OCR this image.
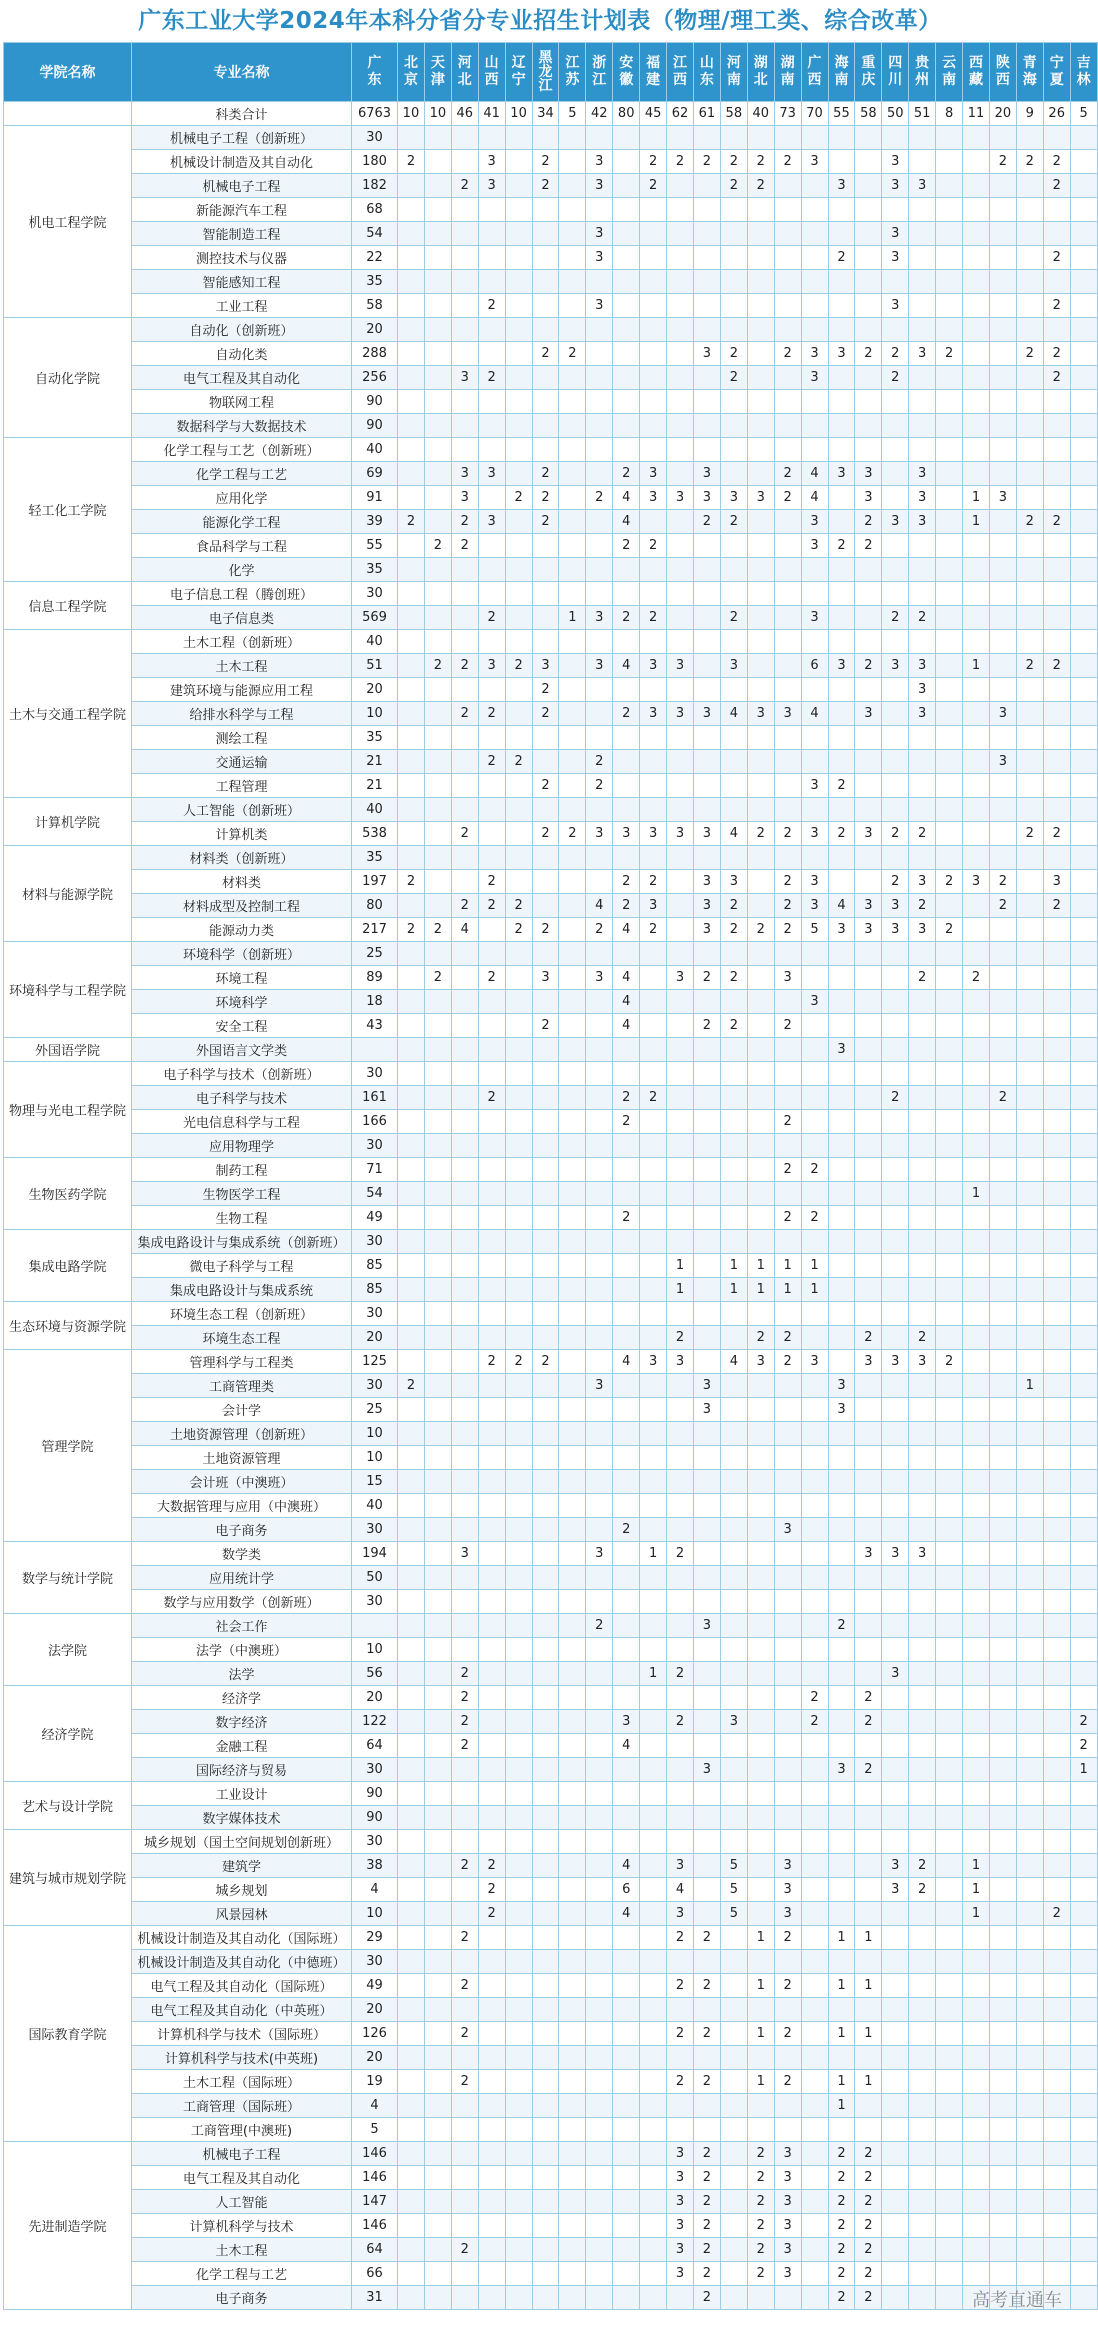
广东工业大学2024年本科分省分专业招生计划表（物理/理工类、综合改革）
学院名称	专业名称	广东	北京	天津	河北	山西	辽宁	黑龙江	江苏	浙江	安徽	福建	江西	山东	河南	湖北	湖南	广西	海南	重庆	四川	贵州	云南	西藏	陕西	青海	宁夏	吉林
	科类合计	6763	10	10	46	41	10	34	5	42	80	45	62	61	58	40	73	70	55	58	50	51	8	11	20	9	26	5
机电工程学院	机械电子工程（创新班）	30																										
	机械设计制造及其自动化	180	2			3		2		3		2	2	2	2	2	2	3			3				2	2	2	
	机械电子工程	182			2	3		2		3		2			2	2			3		3	3					2	
	新能源汽车工程	68																										
	智能制造工程	54								3											3							
	测控技术与仪器	22								3									2		3						2	
	智能感知工程	35																										
	工业工程	58				2				3											3						2	
自动化学院	自动化（创新班）	20																										
	自动化类	288						2	2					3	2		2	3	3	2	2	3	2			2	2	
	电气工程及其自动化	256			3	2									2			3			2						2	
	物联网工程	90																										
	数据科学与大数据技术	90																										
轻工化工学院	化学工程与工艺（创新班）	40																										
	化学工程与工艺	69			3	3		2			2	3		3			2	4	3	3		3						
	应用化学	91			3		2	2		2	4	3	3	3	3	3	2	4		3		3		1	3			
	能源化学工程	39	2		2	3		2			4			2	2			3		2	3	3		1		2	2	
	食品科学与工程	55		2	2						2	2						3	2	2								
	化学	35																										
信息工程学院	电子信息工程（腾创班）	30																										
	电子信息类	569				2			1	3	2	2			2			3			2	2						
土木与交通工程学院	土木工程（创新班）	40																										
	土木工程	51		2	2	3	2	3		3	4	3	3		3			6	3	2	3	3		1		2	2	
	建筑环境与能源应用工程	20						2														3						
	给排水科学与工程	10			2	2		2			2	3	3	3	4	3	3	4		3		3			3			
	测绘工程	35																										
	交通运输	21				2	2			2															3			
	工程管理	21						2		2								3	2									
计算机学院	人工智能（创新班）	40																										
	计算机类	538			2			2	2	3	3	3	3	3	4	2	2	3	2	3	2	2				2	2	
材料与能源学院	材料类（创新班）	35																										
	材料类	197	2			2					2	2		3	3		2	3			2	3	2	3	2		3	
	材料成型及控制工程	80			2	2	2			4	2	3		3	2		2	3	4	3	3	2			2		2	
	能源动力类	217	2	2	4		2	2		2	4	2		3	2	2	2	5	3	3	3	3	2					
环境科学与工程学院	环境科学（创新班）	25																										
	环境工程	89		2		2		3		3	4		3	2	2		3					2		2				
	环境科学	18									4							3										
	安全工程	43						2			4			2	2		2											
外国语学院	外国语言文学类																		3									
物理与光电工程学院	电子科学与技术（创新班）	30																										
	电子科学与技术	161				2					2	2									2				2			
	光电信息科学与工程	166									2						2											
	应用物理学	30																										
生物医药学院	制药工程	71															2	2										
	生物医学工程	54																						1				
	生物工程	49									2						2	2										
集成电路学院	集成电路设计与集成系统（创新班）	30																										
	微电子科学与工程	85											1		1	1	1	1										
	集成电路设计与集成系统	85											1		1	1	1	1										
生态环境与资源学院	环境生态工程（创新班）	30																										
	环境生态工程	20											2			2	2			2		2						
管理学院	管理科学与工程类	125				2	2	2			4	3	3		4	3	2	3		3	3	3	2					
	工商管理类	30	2							3				3					3							1		
	会计学	25												3					3									
	土地资源管理（创新班）	10																										
	土地资源管理	10																										
	会计班（中澳班）	15																										
	大数据管理与应用（中澳班）	40																										
	电子商务	30									2						3											
数学与统计学院	数学类	194			3					3		1	2							3	3	3						
	应用统计学	50																										
	数学与应用数学（创新班）	30																										
法学院	社会工作									2				3					2									
	法学（中澳班）	10																										
	法学	56			2							1	2								3							
经济学院	经济学	20			2													2		2								
	数字经济	122			2						3		2		3			2		2								2
	金融工程	64			2						4																	2
	国际经济与贸易	30												3					3	2								1
艺术与设计学院	工业设计	90																										
	数字媒体技术	90																										
建筑与城市规划学院	城乡规划（国土空间规划创新班）	30																										
	建筑学	38			2	2					4		3		5		3				3	2		1				
	城乡规划	4				2					6		4		5		3				3	2		1				
	风景园林	10				2					4		3		5		3							1			2	
国际教育学院	机械设计制造及其自动化（国际班）	29			2								2	2		1	2		1	1								
	机械设计制造及其自动化（中德班）	30																										
	电气工程及其自动化（国际班）	49			2								2	2		1	2		1	1								
	电气工程及其自动化（中英班）	20																										
	计算机科学与技术（国际班）	126			2								2	2		1	2		1	1								
	计算机科学与技术(中英班)	20																										
	土木工程（国际班）	19			2								2	2		1	2		1	1								
	工商管理（国际班）	4																	1									
	工商管理(中澳班)	5																										
先进制造学院	机械电子工程	146											3	2		2	3		2	2								
	电气工程及其自动化	146											3	2		2	3		2	2								
	人工智能	147											3	2		2	3		2	2								
	计算机科学与技术	146											3	2		2	3		2	2								
	土木工程	64			2								3	2		2	3		2	2								
	化学工程与工艺	66											3	2		2	3		2	2								
	电子商务	31												2					2	2									高考直通车
